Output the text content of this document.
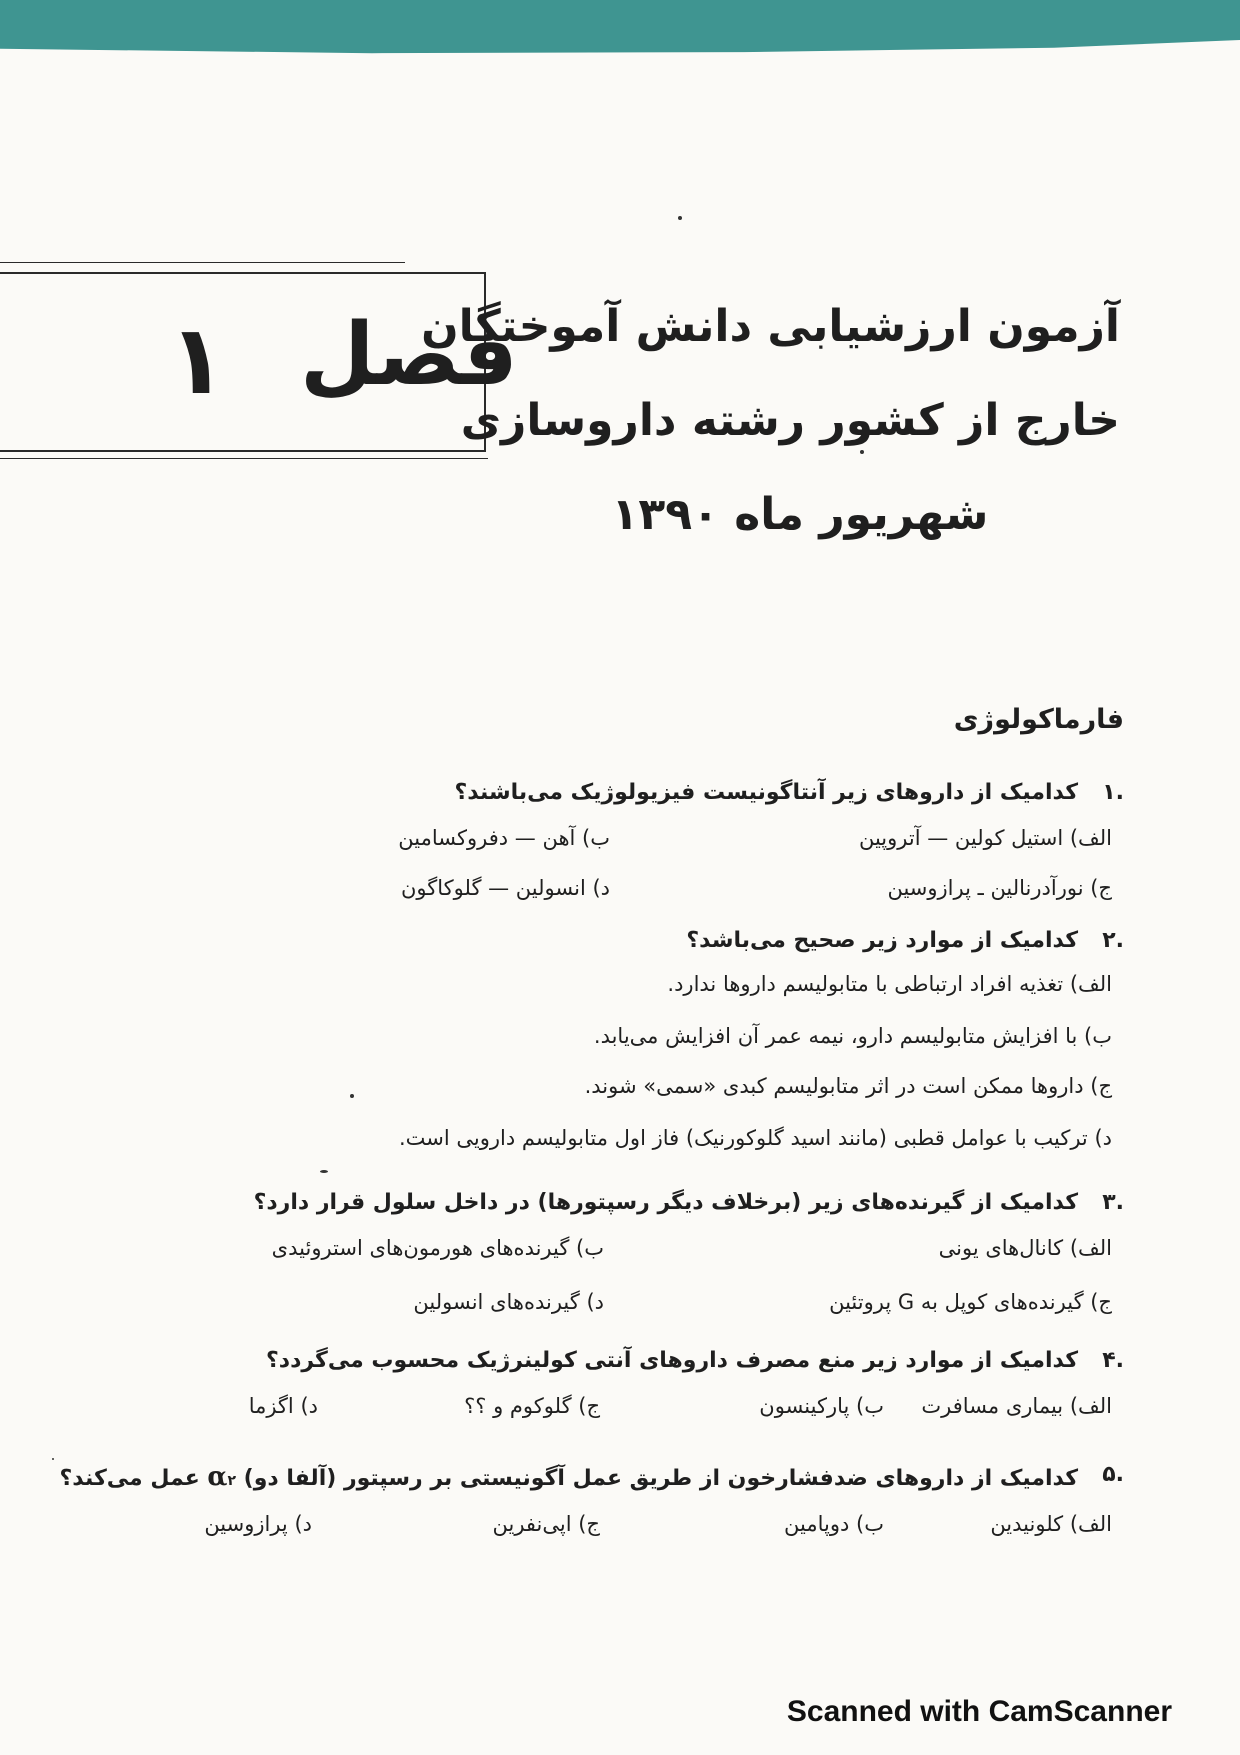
فصل
۱	آزمون ارزشیابی دانش آموختگان
خارج از کشور رشته داروسازی
شهریور ماه ۱۳۹۰
فارماکولوژی
.۱
کدامیک از داروهای زیر آنتاگونیست فیزیولوژیک می‌باشند؟
الف) استیل کولین — آتروپین
ب) آهن — دفروکسامین
ج) نورآدرنالین ـ پرازوسین
د) انسولین — گلوکاگون
.۲
کدامیک از موارد زیر صحیح می‌باشد؟
الف) تغذیه افراد ارتباطی با متابولیسم داروها ندارد.
ب) با افزایش متابولیسم دارو، نیمه عمر آن افزایش می‌یابد.
ج) داروها ممکن است در اثر متابولیسم کبدی «سمی» شوند.
د) ترکیب با عوامل قطبی (مانند اسید گلوکورنیک) فاز اول متابولیسم دارویی است.
.۳
کدامیک از گیرنده‌های زیر (برخلاف دیگر رسپتورها) در داخل سلول قرار دارد؟
الف) کانال‌های یونی
ب) گیرنده‌های هورمون‌های استروئیدی
ج) گیرنده‌های کوپل به G پروتئین
د) گیرنده‌های انسولین
.۴
کدامیک از موارد زیر منع مصرف داروهای آنتی کولینرژیک محسوب می‌گردد؟
الف) بیماری مسافرت
ب) پارکینسون
ج) گلوکوم و ؟؟
د) اگزما
.۵
کدامیک از داروهای ضدفشارخون از طریق عمل آگونیستی بر رسپتور (آلفا دو) α۲ عمل می‌کند؟
الف) کلونیدین
ب) دوپامین
ج) اپی‌نفرین
د) پرازوسین
Scanned with CamScanner
